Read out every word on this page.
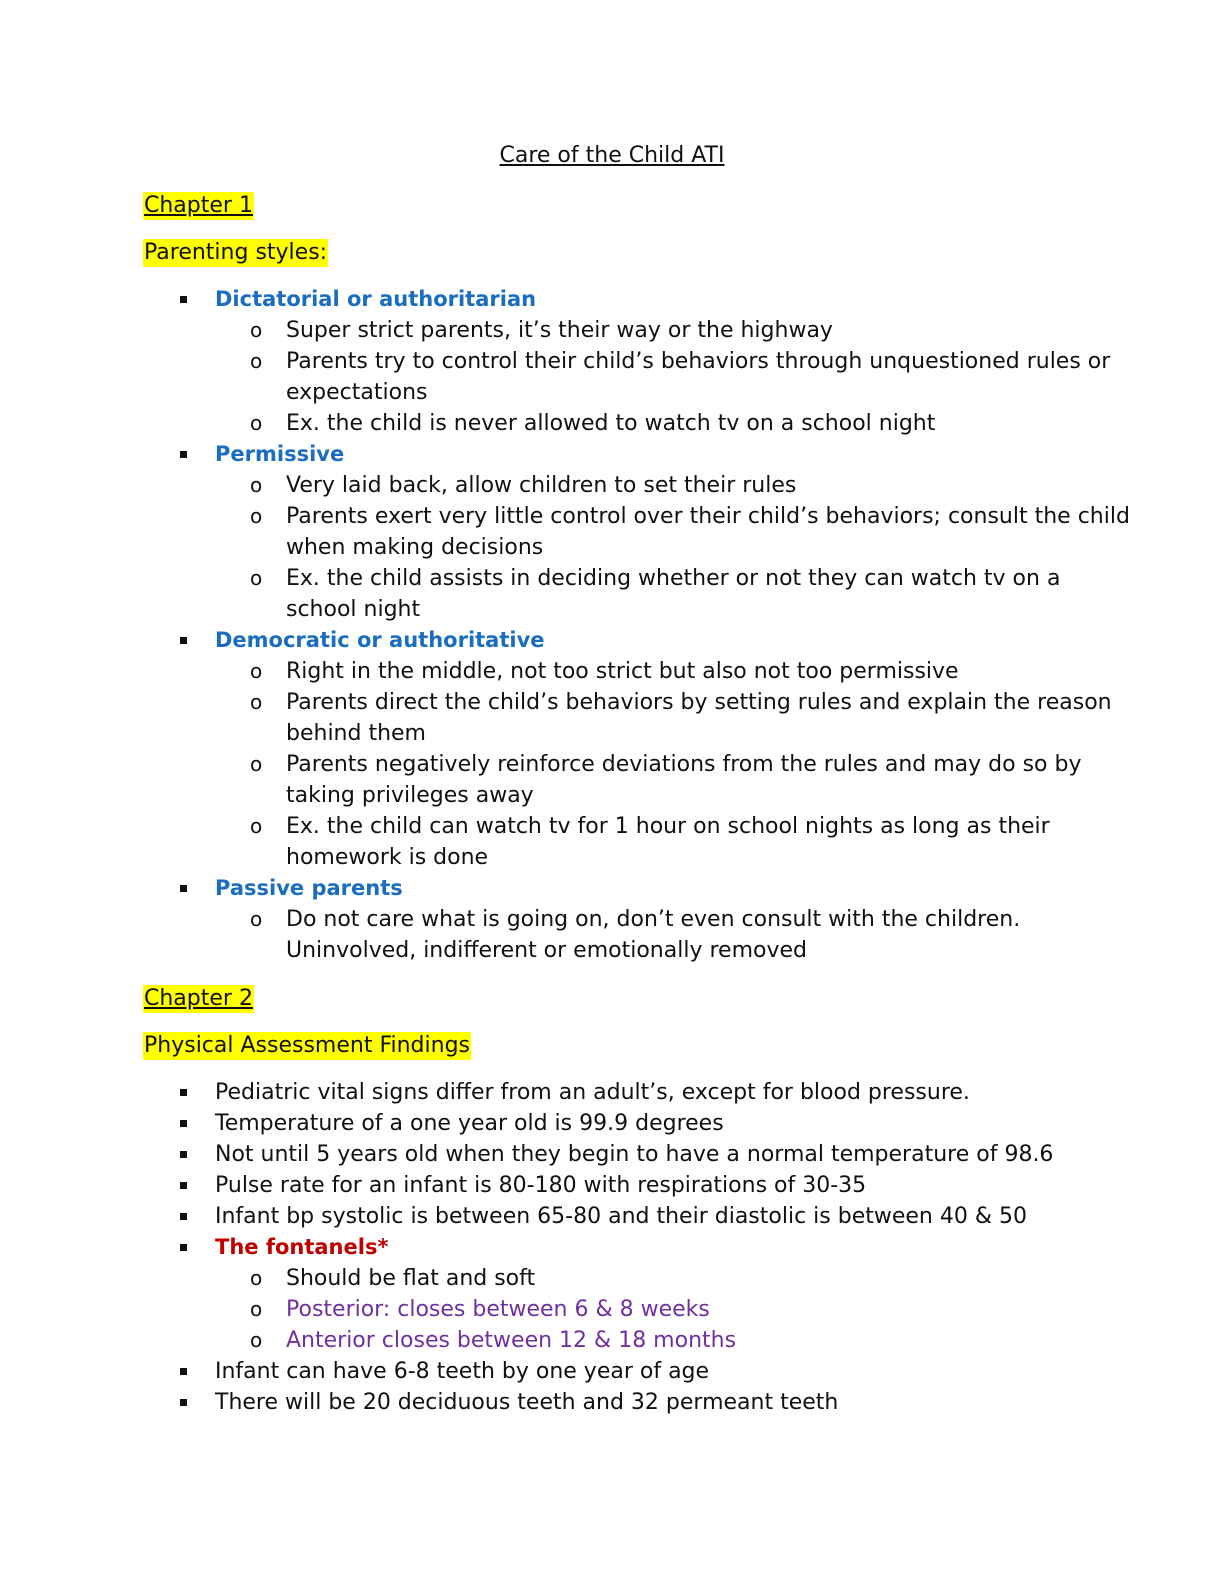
Care of the Child ATI
Chapter 1
Parenting styles:
Dictatorial or authoritarian
o Super strict parents, it’s their way or the highway
o Parents try to control their child’s behaviors through unquestioned rules or
expectations
o Ex. the child is never allowed to watch tv on a school night
Permissive
o Very laid back, allow children to set their rules
o Parents exert very little control over their child’s behaviors; consult the child
when making decisions
o Ex. the child assists in deciding whether or not they can watch tv on a
school night
Democratic or authoritative
o Right in the middle, not too strict but also not too permissive
o Parents direct the child’s behaviors by setting rules and explain the reason
behind them
o Parents negatively reinforce deviations from the rules and may do so by
taking privileges away
o Ex. the child can watch tv for 1 hour on school nights as long as their
homework is done
Passive parents
o Do not care what is going on, don’t even consult with the children.
Uninvolved, indifferent or emotionally removed
Chapter 2
Physical Assessment Findings
Pediatric vital signs differ from an adult’s, except for blood pressure.
Temperature of a one year old is 99.9 degrees
Not until 5 years old when they begin to have a normal temperature of 98.6
Pulse rate for an infant is 80-180 with respirations of 30-35
Infant bp systolic is between 65-80 and their diastolic is between 40 & 50
The fontanels*
o Should be flat and soft
o Posterior: closes between 6 & 8 weeks
o Anterior closes between 12 & 18 months
Infant can have 6-8 teeth by one year of age
There will be 20 deciduous teeth and 32 permeant teeth
